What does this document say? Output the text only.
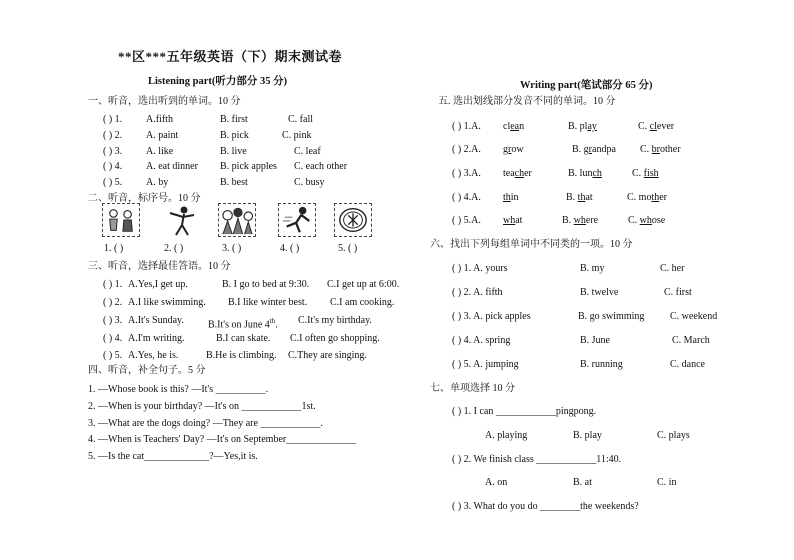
**区***五年级英语（下）期末测试卷
Listening part(听力部分 35 分)
一、听音，选出听到的单词。10 分
( ) 1. A.fifth	B. first	C. fall
( ) 2. A. paint	B. pick	C. pink
( ) 3. A. like	B. live	C. leaf
( ) 4. A. eat dinner B. pick apples C. each other
( ) 5. A. by	B. best	C. busy
二、听音，标序号。10 分
1. ( )	2. ( )	3. ( )	4. ( )	5. ( )
三、听音，选择最佳答语。10 分
( ) 1. A.Yes,I get up.	B. I go to bed at 9:30. C.I get up at 6:00.
( ) 2. A.I like swimming. B.I like winter best. C.I am cooking.
( ) 3. A.It's Sunday. B.It's on June 4th. C.It's my birthday.
( ) 4. A.I'm writing.	B.I can skate. C.I often go shopping.
( ) 5. A.Yes, he is.	B.He is climbing. C.They are singing.
四、听音，补全句子。5 分
1. —Whose book is this? —It's __________.
2. —When is your birthday? —It's on ____________1st.
3. —What are the dogs doing? —They are ____________.
4. —When is Teachers' Day? —It's on September______________
5. —Is the cat_____________?—Yes,it is.
Writing part(笔试部分 65 分)
五. 选出划线部分发音不同的单词。10 分
( ) 1.A. clean	B. play	C. clever
( ) 2.A. grow	B. grandpa C. brother
( ) 3.A. teacher	B. lunch	C. fish
( ) 4.A. thin	B. that	C. mother
( ) 5.A. what	B. where	C. whose
六、找出下列每组单词中不同类的一项。10 分
( ) 1. A. yours	B. my	C. her
( ) 2. A. fifth	B. twelve	C. first
( ) 3. A. pick apples	B. go swimming	C. weekend
( ) 4. A. spring	B. June	C. March
( ) 5. A. jumping	B. running	C. dance
七、单项选择 10 分
( ) 1. I can ____________pingpong.
A. playing	B. play	C. plays
( ) 2. We finish class ____________11:40.
A. on	B. at	C. in
( ) 3. What do you do ________the weekends?
